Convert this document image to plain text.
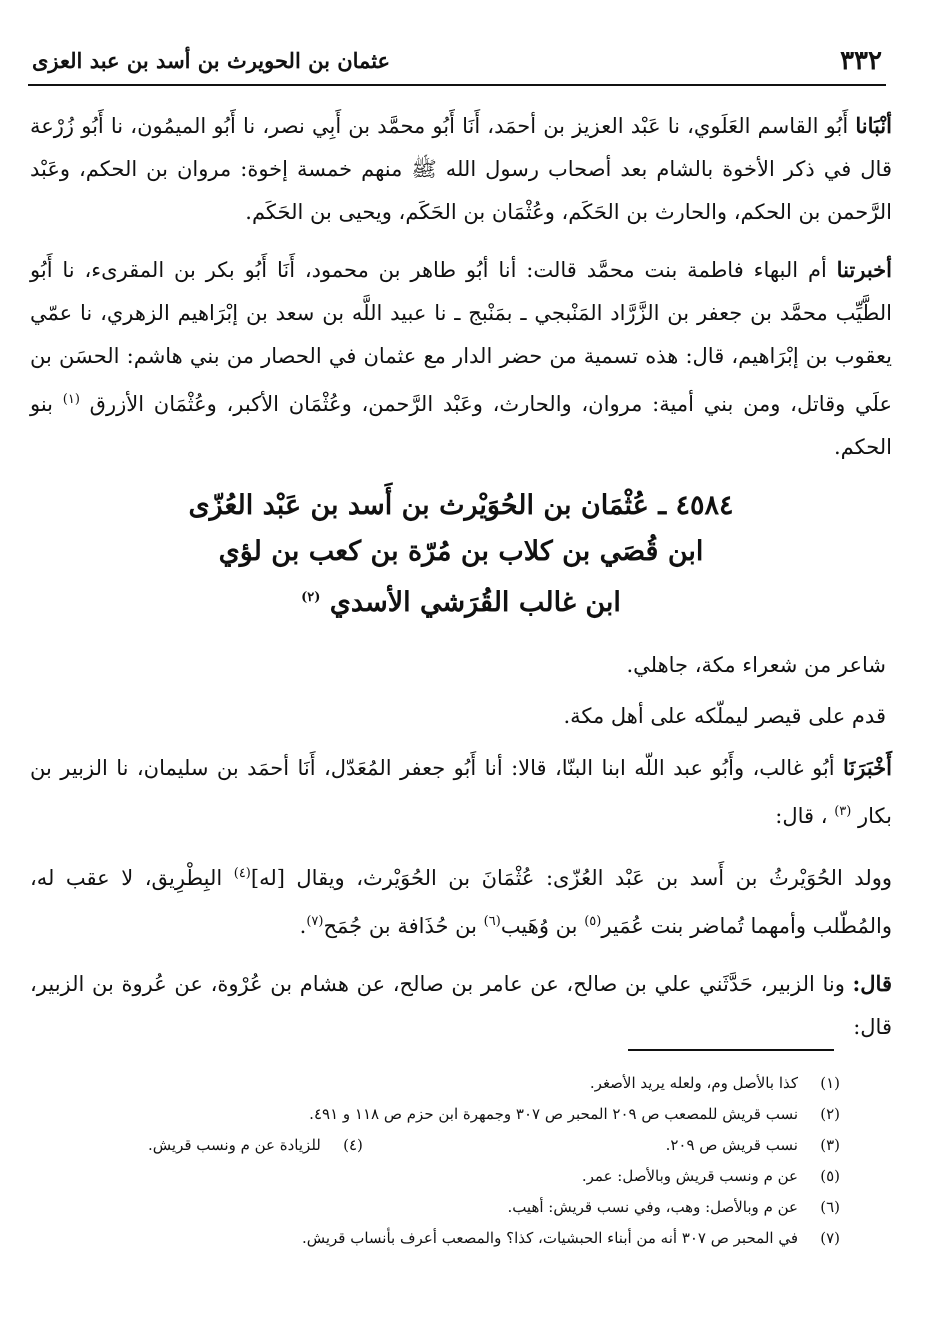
٣٣٢
عثمان بن الحويرث بن أسد بن عبد العزى

أنْبَانا أَبُو القاسم العَلَوي، نا عَبْد العزيز بن أحمَد، أَنَا أَبُو محمَّد بن أَبِي نصر، نا أَبُو الميمُون، نا أَبُو زُرْعة قال في ذكر الأخوة بالشام بعد أصحاب رسول الله ﷺ منهم خمسة إخوة: مروان بن الحكم، وعَبْد الرَّحمن بن الحكم، والحارث بن الحَكَم، وعُثْمَان بن الحَكَم، ويحيى بن الحَكَم.

أخبرتنا أم البهاء فاطمة بنت محمَّد قالت: أنا أبُو طاهر بن محمود، أَنَا أَبُو بكر بن المقرىء، نا أَبُو الطَّيِّب محمَّد بن جعفر بن الزَّرَّاد المَنْبجي ـ بمَنْبج ـ نا عبيد اللَّه بن سعد بن إبْرَاهيم الزهري، نا عمّي يعقوب بن إبْرَاهيم، قال: هذه تسمية من حضر الدار مع عثمان في الحصار من بني هاشم: الحسَن بن علَي وقاتل، ومن بني أمية: مروان، والحارث، وعَبْد الرَّحمن، وعُثْمَان الأكبر، وعُثْمَان الأزرق $^{(١)}$ بنو الحكم.

٤٥٨٤ ـ عُثْمَان بن الحُوَيْرث بن أَسد بن عَبْد العُزّى
ابن قُصَي بن كلاب بن مُرّة بن كعب بن لؤي
ابن غالب القُرَشي الأسدي $^{(٢)}$

شاعر من شعراء مكة، جاهلي.

قدم على قيصر ليملّكه على أهل مكة.

أَخْبَرَنَا أبُو غالب، وأَبُو عبد اللّه ابنا البنّا، قالا: أنا أَبُو جعفر المُعَدّل، أَنَا أحمَد بن سليمان، نا الزبير بن بكار $^{(٣)}$ ، قال:

وولد الحُوَيْرثُ بن أَسد بن عَبْد العُزّى: عُثْمَانَ بن الحُوَيْرث، ويقال [له]$^{(٤)}$ البِطْرِيق، لا عقب له، والمُطّلب وأمهما تُماضر بنت عُمَير$^{(٥)}$ بن وُهَيب$^{(٦)}$ بن حُذَافة بن جُمَح$^{(٧)}$.

قال: ونا الزبير، حَدَّثَني علي بن صالح، عن عامر بن صالح، عن هشام بن عُرْوة، عن عُروة بن الزبير، قال:

(١)كذا بالأصل وم، ولعله يريد الأصغر.
(٢)نسب قريش للمصعب ص ٢٠٩ المحبر ص ٣٠٧ وجمهرة ابن حزم ص ١١٨ و ٤٩١.
(٣)نسب قريش ص ٢٠٩.
(٤)للزيادة عن م ونسب قريش.
(٥)عن م ونسب قريش وبالأصل: عمر.
(٦)عن م وبالأصل: وهب، وفي نسب قريش: أهيب.
(٧)في المحبر ص ٣٠٧ أنه من أبناء الحبشيات، كذا؟ والمصعب أعرف بأنساب قريش.
